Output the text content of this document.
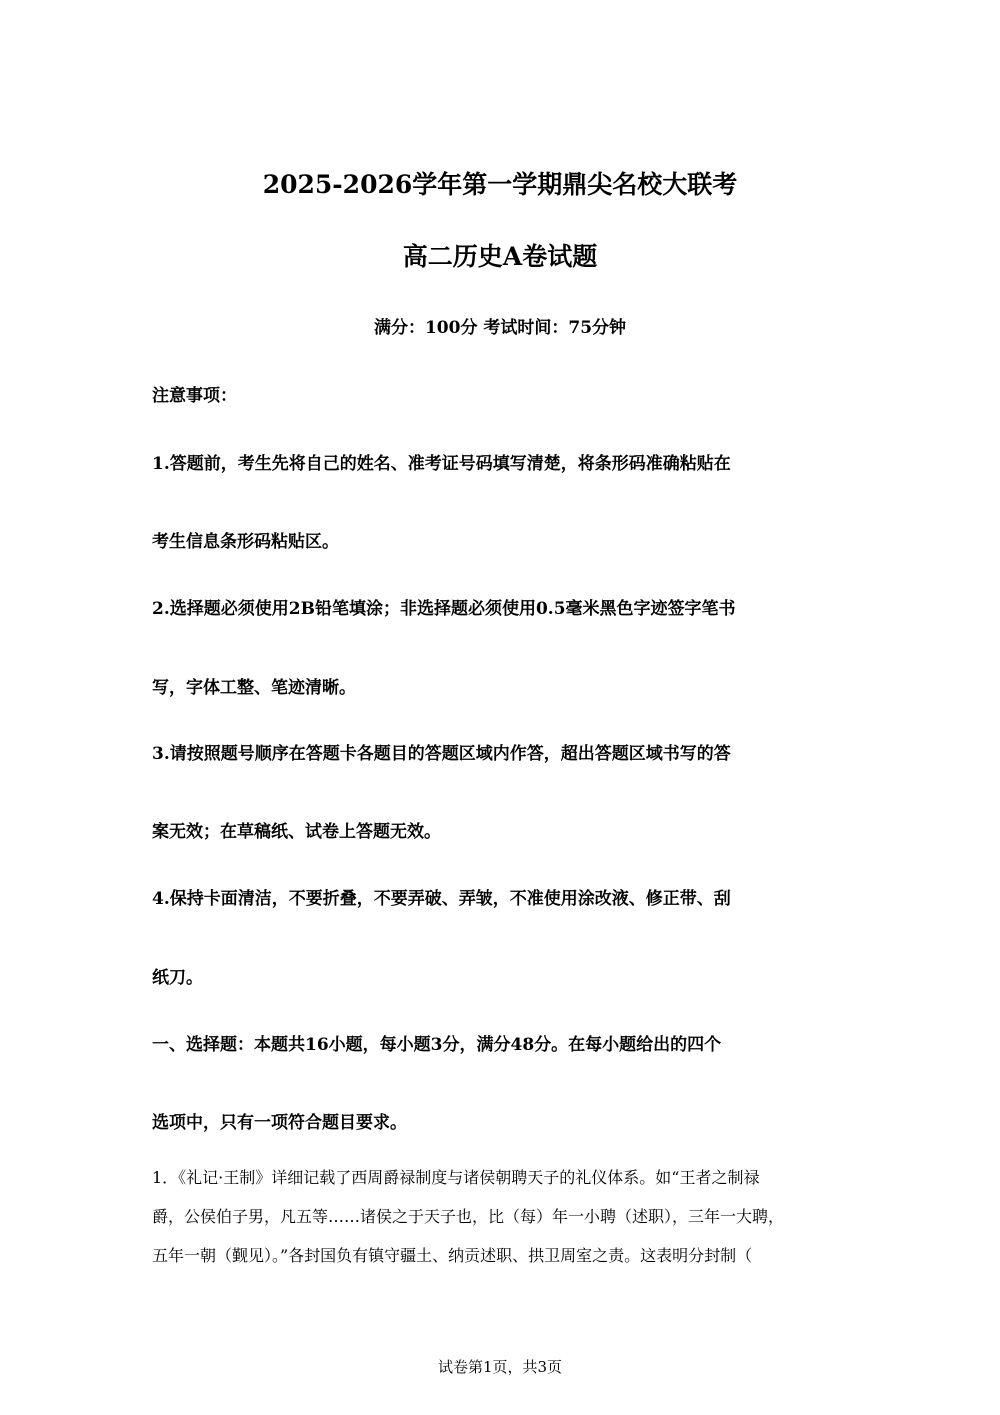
2025-2026学年第一学期鼎尖名校大联考
高二历史A卷试题
满分：100分 考试时间：75分钟
注意事项：
1.答题前，考生先将自己的姓名、准考证号码填写清楚，将条形码准确粘贴在
考生信息条形码粘贴区。
2.选择题必须使用2B铅笔填涂；非选择题必须使用0.5毫米黑色字迹签字笔书
写，字体工整、笔迹清晰。
3.请按照题号顺序在答题卡各题目的答题区域内作答，超出答题区域书写的答
案无效；在草稿纸、试卷上答题无效。
4.保持卡面清洁，不要折叠，不要弄破、弄皱，不准使用涂改液、修正带、刮
纸刀。
一、选择题：本题共16小题，每小题3分，满分48分。在每小题给出的四个
选项中，只有一项符合题目要求。
1．《礼记·王制》详细记载了西周爵禄制度与诸侯朝聘天子的礼仪体系。如“王者之制禄
爵，公侯伯子男，凡五等……诸侯之于天子也，比（每）年一小聘（述职），三年一大聘，
五年一朝（觐见）。”各封国负有镇守疆土、纳贡述职、拱卫周室之责。这表明分封制（
试卷第1页，共3页
